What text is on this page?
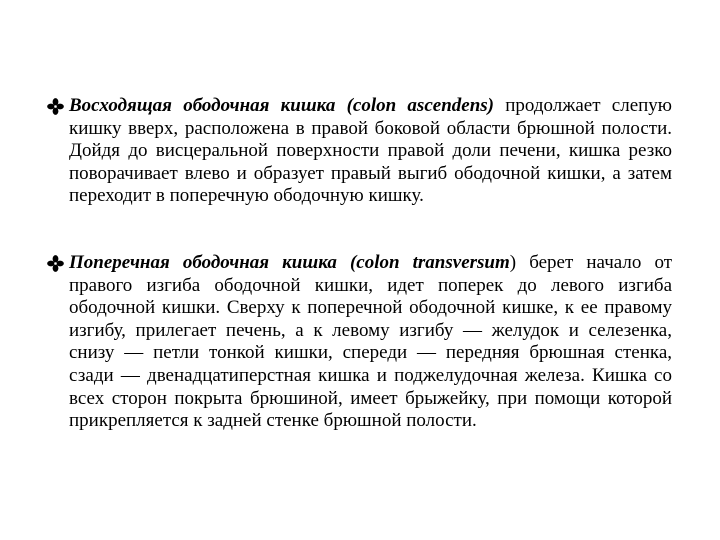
Восходящая ободочная кишка (colon ascendens) продолжает слепую кишку вверх, расположена в правой боковой области брюшной полости. Дойдя до висцеральной поверхности правой доли печени, кишка резко поворачивает влево и образует правый выгиб ободочной кишки, а затем переходит в поперечную ободочную кишку.

Поперечная ободочная кишка (colon transversum) берет начало от правого изгиба ободочной кишки, идет поперек до левого изгиба ободочной кишки. Сверху к поперечной ободочной кишке, к ее правому изгибу, прилегает печень, а к левому изгибу — желудок и селезенка, снизу — петли тонкой кишки, спереди — передняя брюшная стенка, сзади — двенадцатиперстная кишка и поджелудочная железа. Кишка со всех сторон покрыта брюшиной, имеет брыжейку, при помощи которой прикрепляется к задней стенке брюшной полости.
